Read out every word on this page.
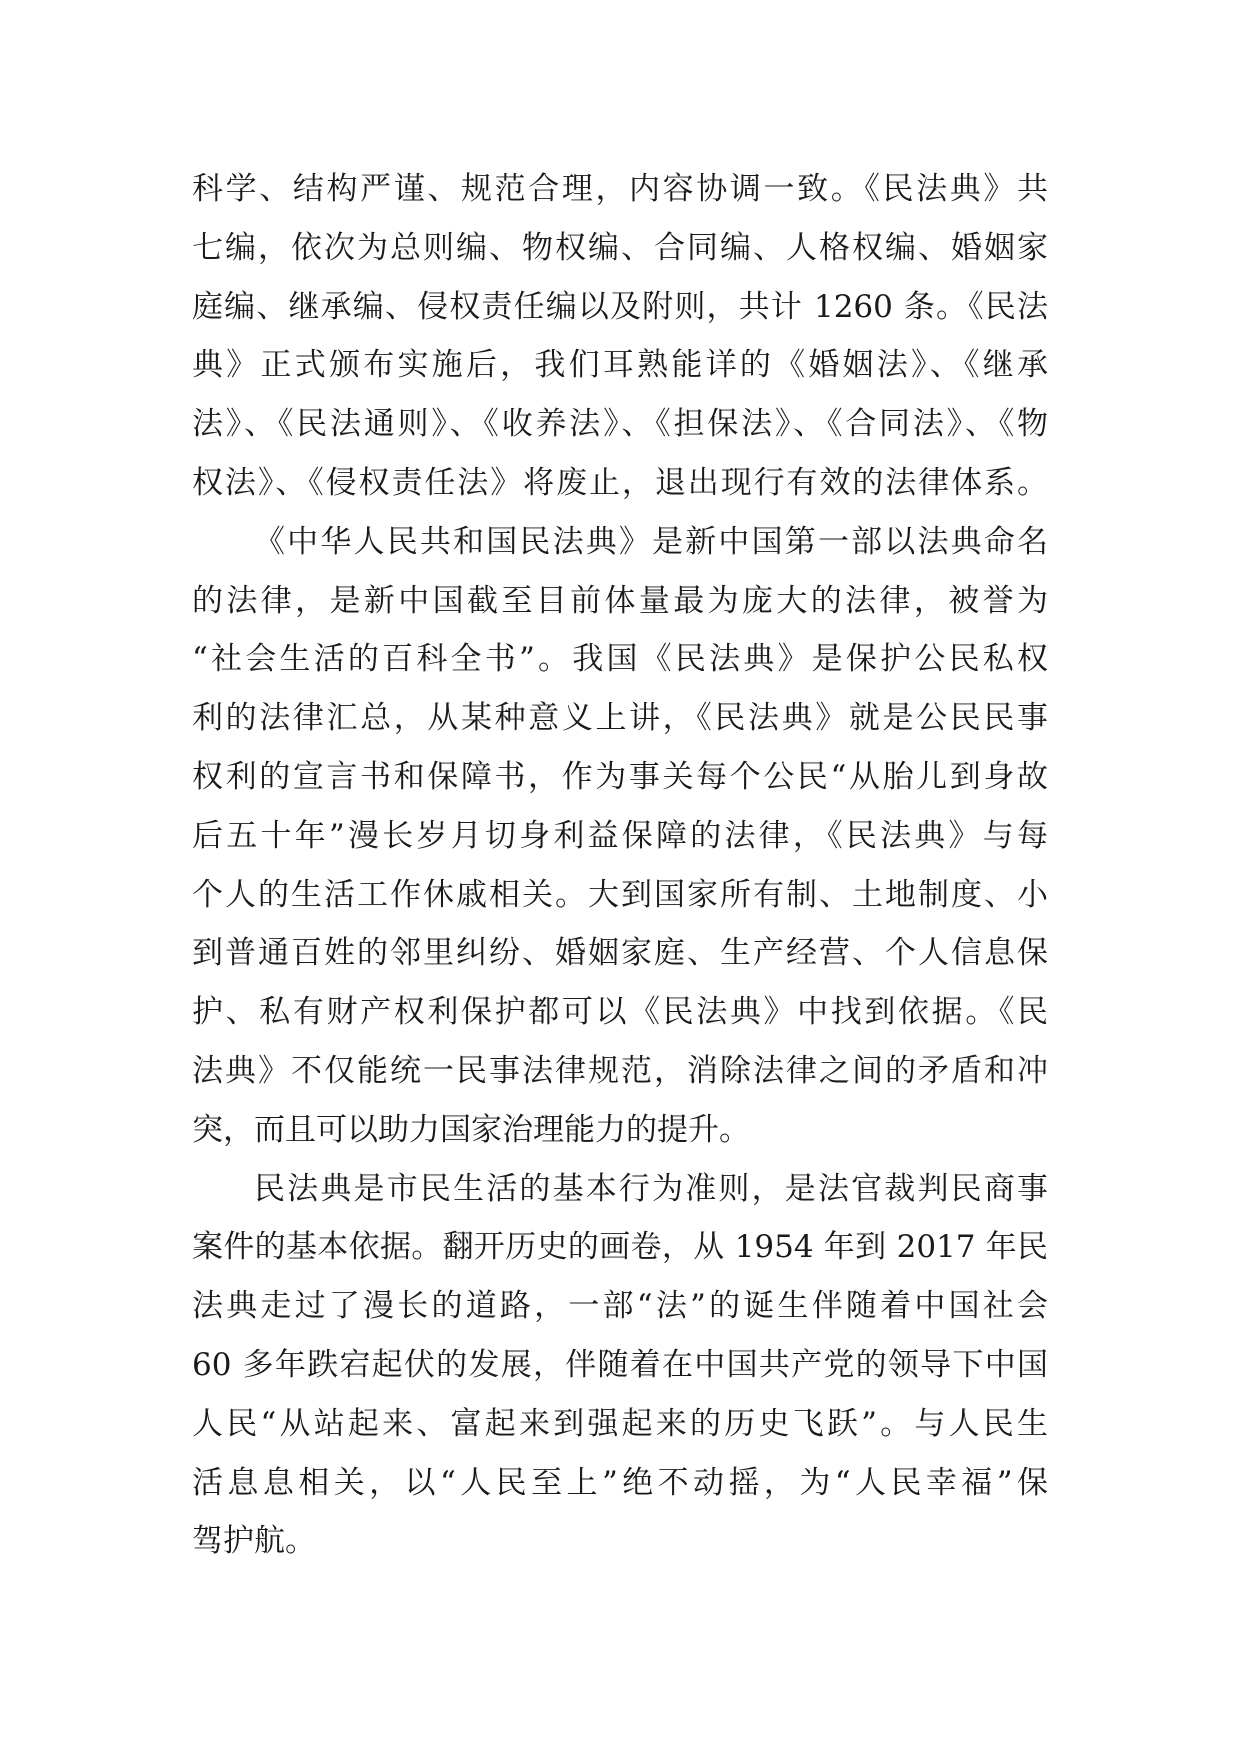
科学、结构严谨、规范合理，内容协调一致。《民法典》共
七编，依次为总则编、物权编、合同编、人格权编、婚姻家
庭编、继承编、侵权责任编以及附则，共计 1260 条。《民法
典》正式颁布实施后，我们耳熟能详的《婚姻法》、《继承
法》、《民法通则》、《收养法》、《担保法》、《合同法》、《物
权法》、《侵权责任法》将废止，退出现行有效的法律体系。
《中华人民共和国民法典》是新中国第一部以法典命名
的法律，是新中国截至目前体量最为庞大的法律，被誉为
“社会生活的百科全书”。我国《民法典》是保护公民私权
利的法律汇总，从某种意义上讲，《民法典》就是公民民事
权利的宣言书和保障书，作为事关每个公民“从胎儿到身故
后五十年”漫长岁月切身利益保障的法律，《民法典》与每
个人的生活工作休戚相关。大到国家所有制、土地制度、小
到普通百姓的邻里纠纷、婚姻家庭、生产经营、个人信息保
护、私有财产权利保护都可以《民法典》中找到依据。《民
法典》不仅能统一民事法律规范，消除法律之间的矛盾和冲
突，而且可以助力国家治理能力的提升。
民法典是市民生活的基本行为准则，是法官裁判民商事
案件的基本依据。翻开历史的画卷，从 1954 年到 2017 年民
法典走过了漫长的道路，一部“法”的诞生伴随着中国社会
60 多年跌宕起伏的发展，伴随着在中国共产党的领导下中国
人民“从站起来、富起来到强起来的历史飞跃”。与人民生
活息息相关，以“人民至上”绝不动摇，为“人民幸福”保
驾护航。
